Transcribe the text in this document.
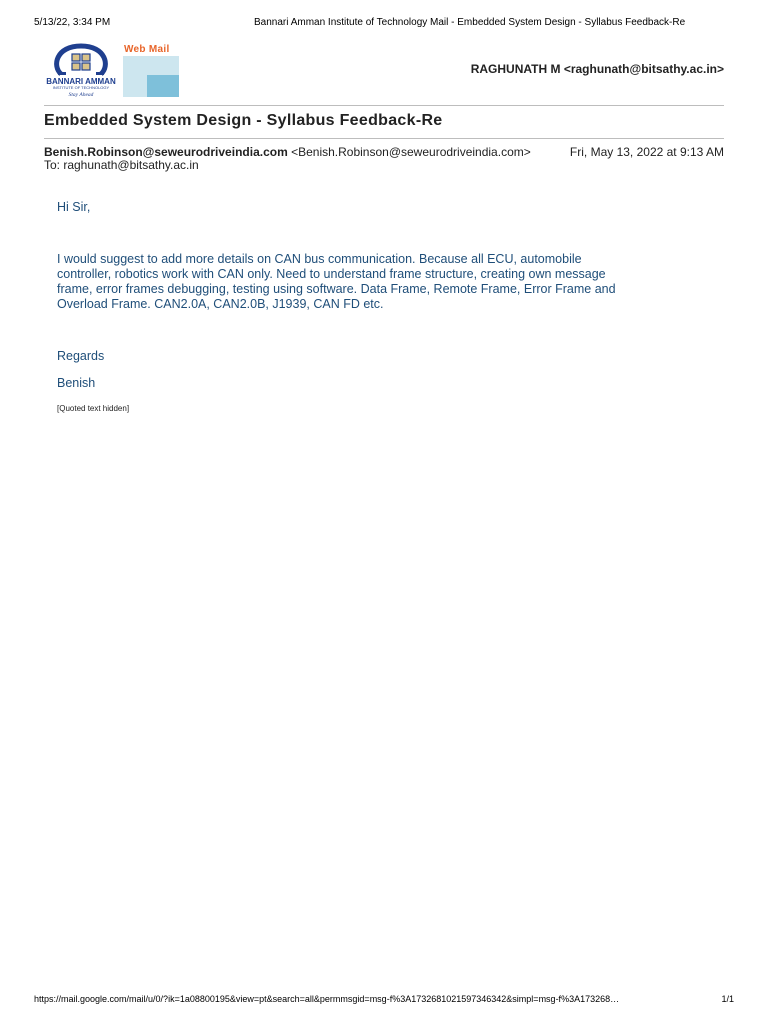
5/13/22, 3:34 PM	Bannari Amman Institute of Technology Mail - Embedded System Design - Syllabus Feedback-Re
BANNARI AMMAN
INSTITUTE OF TECHNOLOGY
Stay Ahead
Web Mail
RAGHUNATH M <raghunath@bitsathy.ac.in>
Embedded System Design - Syllabus Feedback-Re
Benish.Robinson@seweurodriveindia.com <Benish.Robinson@seweurodriveindia.com>	Fri, May 13, 2022 at 9:13 AM
To: raghunath@bitsathy.ac.in
Hi Sir,
I would suggest to add more details on CAN bus communication. Because all ECU, automobile
controller, robotics work with CAN only. Need to understand frame structure, creating own message
frame, error frames debugging, testing using software. Data Frame, Remote Frame, Error Frame and
Overload Frame. CAN2.0A, CAN2.0B, J1939, CAN FD etc.
Regards
Benish
[Quoted text hidden]
https://mail.google.com/mail/u/0/?ik=1a08800195&view=pt&search=all&permmsgid=msg-f%3A1732681021597346342&simpl=msg-f%3A173268…	1/1
